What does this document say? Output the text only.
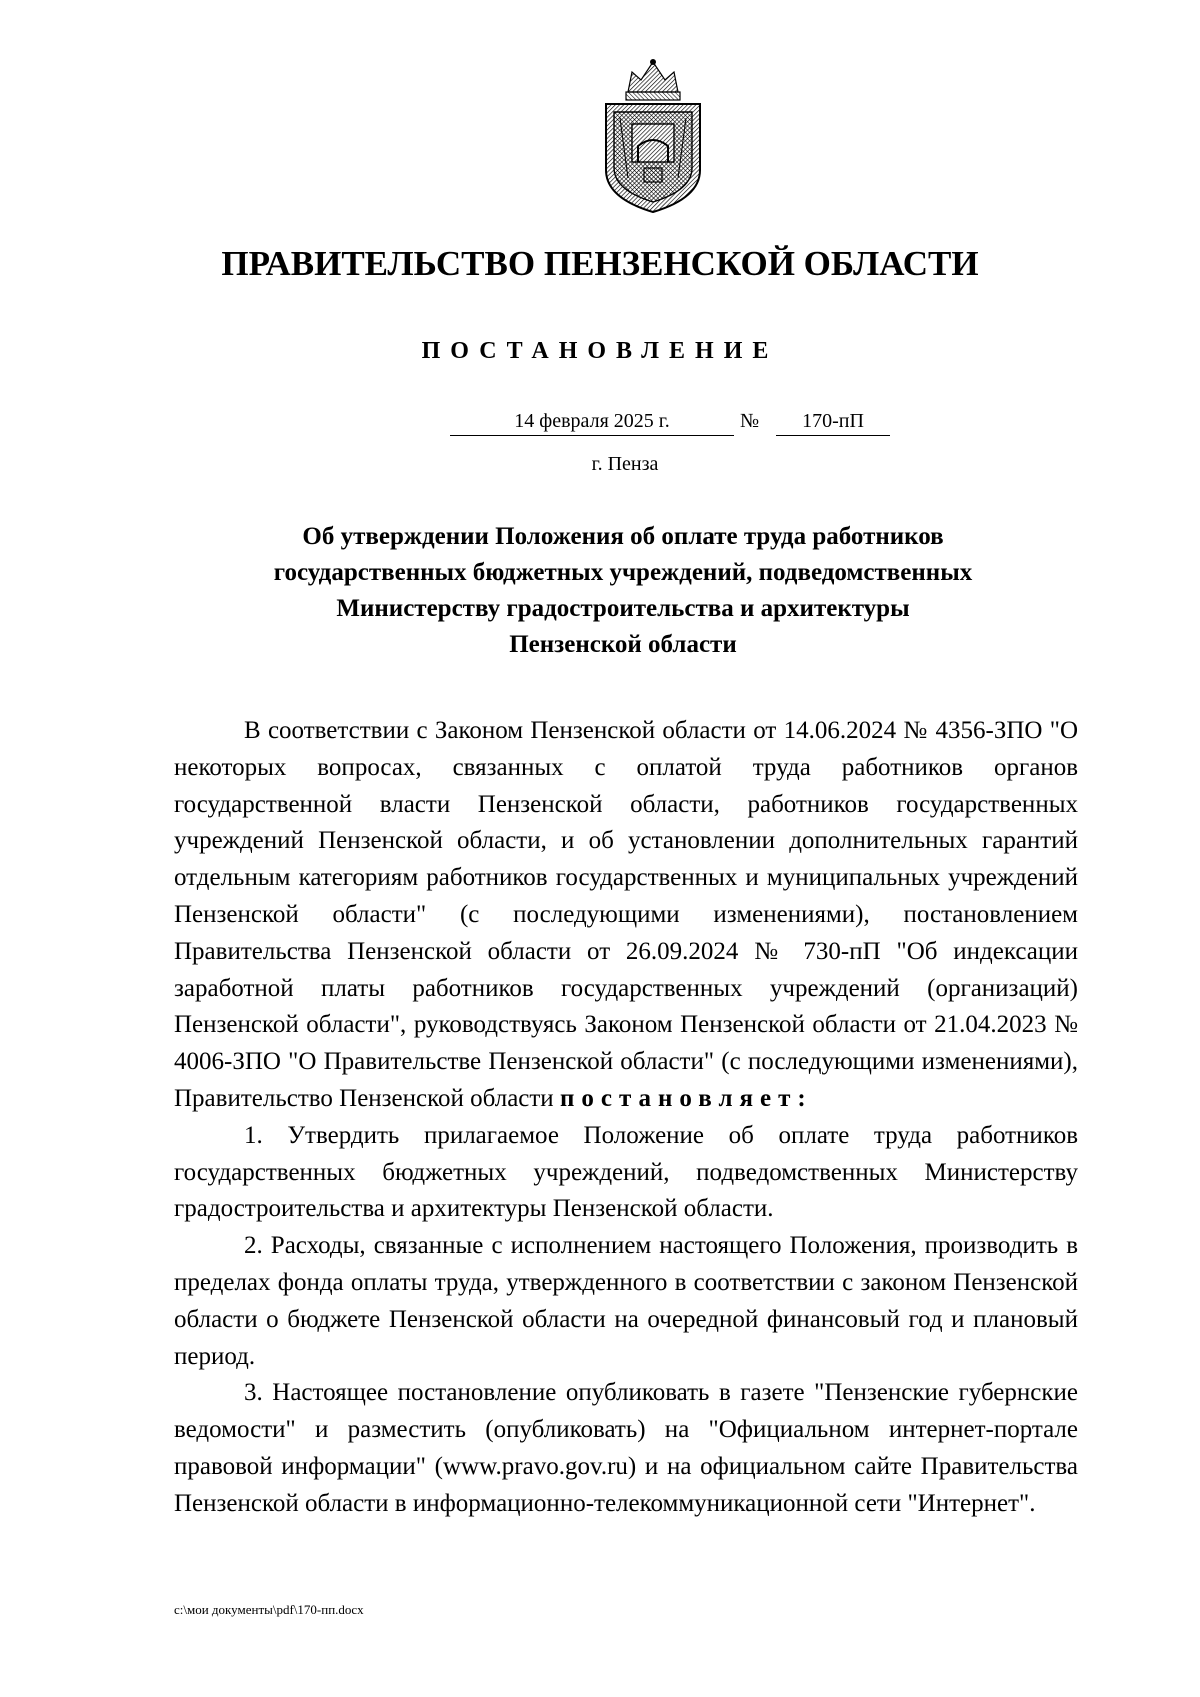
ПРАВИТЕЛЬСТВО ПЕНЗЕНСКОЙ ОБЛАСТИ
ПОСТАНОВЛЕНИЕ
14 февраля 2025 г.	№	170-пП
г. Пенза
Об утверждении Положения об оплате труда работников
государственных бюджетных учреждений, подведомственных
Министерству градостроительства и архитектуры
Пензенской области

В соответствии с Законом Пензенской области от 14.06.2024 № 4356-ЗПО "О некоторых вопросах, связанных с оплатой труда работников органов государственной власти Пензенской области, работников государственных учреждений Пензенской области, и об установлении дополнительных гарантий отдельным категориям работников государственных и муниципальных учреждений Пензенской области" (с последующими изменениями), постановлением Правительства Пензенской области от 26.09.2024 № 730-пП "Об индексации заработной платы работников государственных учреждений (организаций) Пензенской области", руководствуясь Законом Пензенской области от 21.04.2023 № 4006-ЗПО "О Правительстве Пензенской области" (с последующими изменениями), Правительство Пензенской области постановляет:

1. Утвердить прилагаемое Положение об оплате труда работников государственных бюджетных учреждений, подведомственных Министерству градостроительства и архитектуры Пензенской области.

2. Расходы, связанные с исполнением настоящего Положения, производить в пределах фонда оплаты труда, утвержденного в соответствии с законом Пензенской области о бюджете Пензенской области на очередной финансовый год и плановый период.

3. Настоящее постановление опубликовать в газете "Пензенские губернские ведомости" и разместить (опубликовать) на "Официальном интернет-портале правовой информации" (www.pravo.gov.ru) и на официальном сайте Правительства Пензенской области в информационно-телекоммуникационной сети "Интернет".

c:\мои документы\pdf\170-пп.docx
